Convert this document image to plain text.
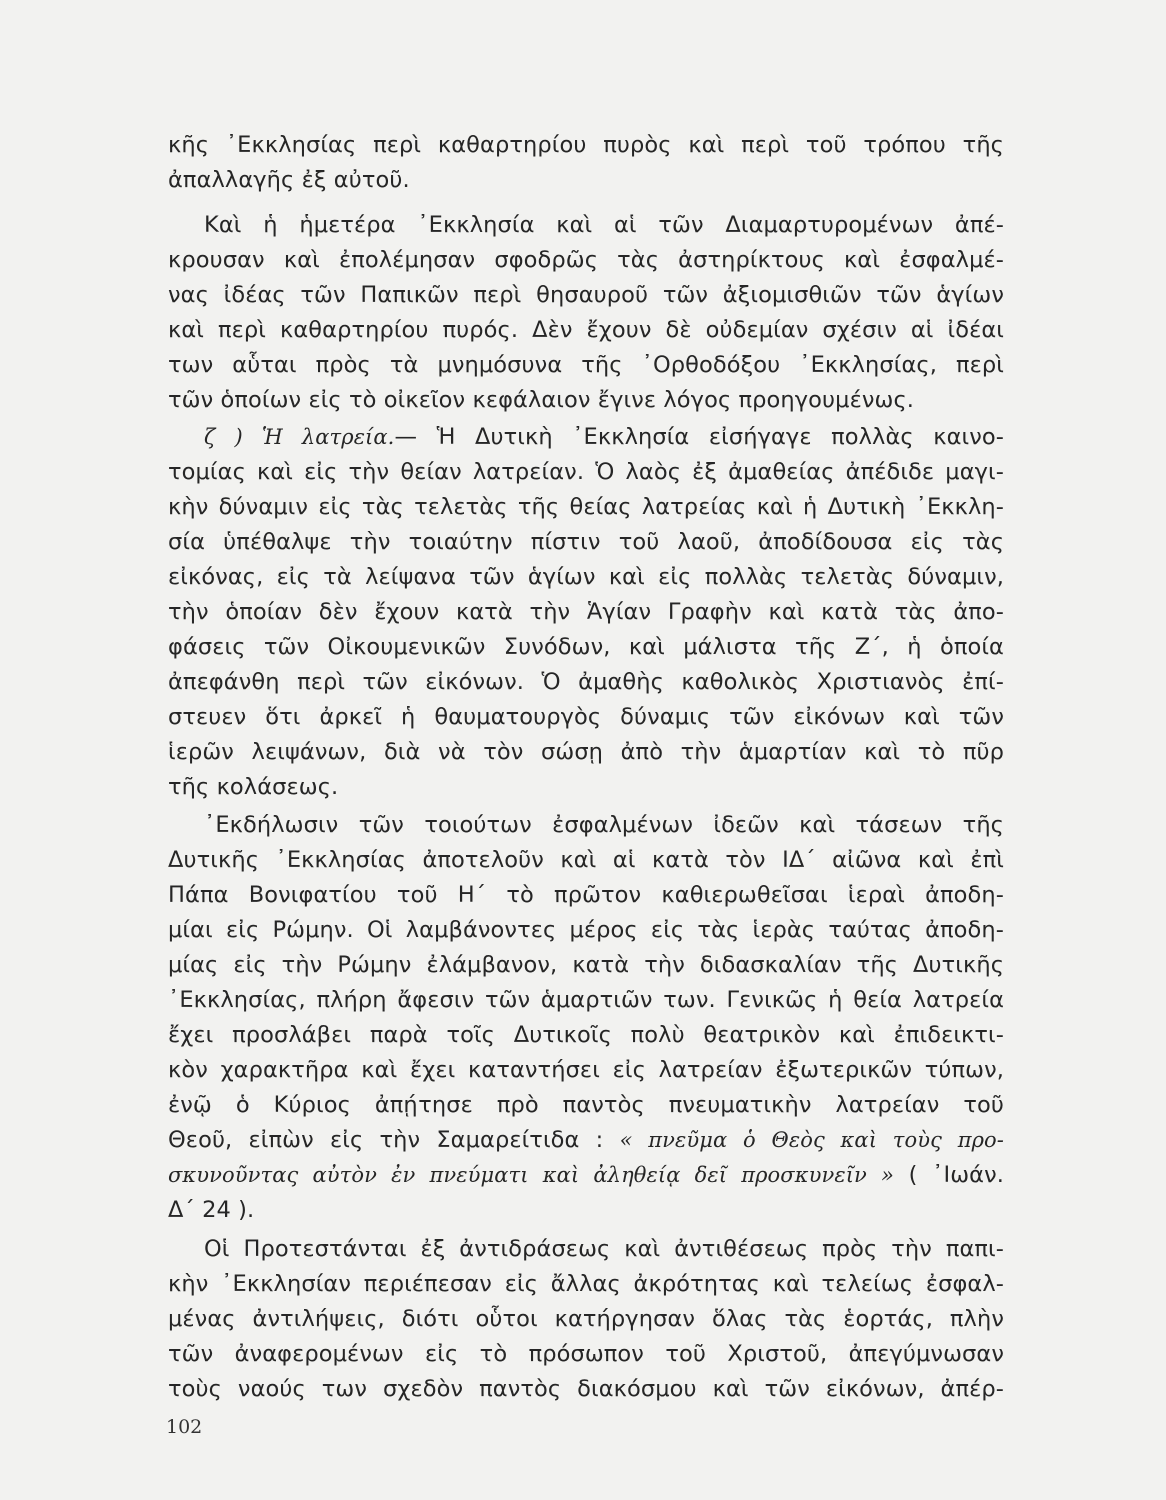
κῆς ᾿Εκκλησίας περὶ καθαρτηρίου πυρὸς καὶ περὶ τοῦ τρόπου τῆς
ἀπαλλαγῆς ἐξ αὐτοῦ.
Καὶ ἡ ἡμετέρα ᾿Εκκλησία καὶ αἱ τῶν Διαμαρτυρομένων ἀπέ-
κρουσαν καὶ ἐπολέμησαν σφοδρῶς τὰς ἀστηρίκτους καὶ ἐσφαλμέ-
νας ἰδέας τῶν Παπικῶν περὶ θησαυροῦ τῶν ἀξιομισθιῶν τῶν ἁγίων
καὶ περὶ καθαρτηρίου πυρός. Δὲν ἔχουν δὲ οὐδεμίαν σχέσιν αἱ ἰδέαι
των αὗται πρὸς τὰ μνημόσυνα τῆς ᾿Ορθοδόξου ᾿Εκκλησίας, περὶ
τῶν ὁποίων εἰς τὸ οἰκεῖον κεφάλαιον ἔγινε λόγος προηγουμένως.
ζ ) Ἡ λατρεία.— Ἡ Δυτικὴ ᾿Εκκλησία εἰσήγαγε πολλὰς καινο-
τομίας καὶ εἰς τὴν θείαν λατρείαν. Ὁ λαὸς ἐξ ἀμαθείας ἀπέδιδε μαγι-
κὴν δύναμιν εἰς τὰς τελετὰς τῆς θείας λατρείας καὶ ἡ Δυτικὴ ᾿Εκκλη-
σία ὑπέθαλψε τὴν τοιαύτην πίστιν τοῦ λαοῦ, ἀποδίδουσα εἰς τὰς
εἰκόνας, εἰς τὰ λείψανα τῶν ἁγίων καὶ εἰς πολλὰς τελετὰς δύναμιν,
τὴν ὁποίαν δὲν ἔχουν κατὰ τὴν Ἁγίαν Γραφὴν καὶ κατὰ τὰς ἀπο-
φάσεις τῶν Οἰκουμενικῶν Συνόδων, καὶ μάλιστα τῆς Ζ΄, ἡ ὁποία
ἀπεφάνθη περὶ τῶν εἰκόνων. Ὁ ἀμαθὴς καθολικὸς Χριστιανὸς ἐπί-
στευεν ὅτι ἀρκεῖ ἡ θαυματουργὸς δύναμις τῶν εἰκόνων καὶ τῶν
ἱερῶν λειψάνων, διὰ νὰ τὸν σώσῃ ἀπὸ τὴν ἁμαρτίαν καὶ τὸ πῦρ
τῆς κολάσεως.
᾿Εκδήλωσιν τῶν τοιούτων ἐσφαλμένων ἰδεῶν καὶ τάσεων τῆς
Δυτικῆς ᾿Εκκλησίας ἀποτελοῦν καὶ αἱ κατὰ τὸν ΙΔ΄ αἰῶνα καὶ ἐπὶ
Πάπα Βονιφατίου τοῦ Η΄ τὸ πρῶτον καθιερωθεῖσαι ἱεραὶ ἀποδη-
μίαι εἰς Ρώμην. Οἱ λαμβάνοντες μέρος εἰς τὰς ἱερὰς ταύτας ἀποδη-
μίας εἰς τὴν Ρώμην ἐλάμβανον, κατὰ τὴν διδασκαλίαν τῆς Δυτικῆς
᾿Εκκλησίας, πλήρη ἄφεσιν τῶν ἁμαρτιῶν των. Γενικῶς ἡ θεία λατρεία
ἔχει προσλάβει παρὰ τοῖς Δυτικοῖς πολὺ θεατρικὸν καὶ ἐπιδεικτι-
κὸν χαρακτῆρα καὶ ἔχει καταντήσει εἰς λατρείαν ἐξωτερικῶν τύπων,
ἐνῷ ὁ Κύριος ἀπῄτησε πρὸ παντὸς πνευματικὴν λατρείαν τοῦ
Θεοῦ, εἰπὼν εἰς τὴν Σαμαρείτιδα : « πνεῦμα ὁ Θεὸς καὶ τοὺς προ-
σκυνοῦντας αὐτὸν ἐν πνεύματι καὶ ἀληθείᾳ δεῖ προσκυνεῖν » ( ᾿Ιωάν.
Δ΄ 24 ).
Οἱ Προτεστάνται ἐξ ἀντιδράσεως καὶ ἀντιθέσεως πρὸς τὴν παπι-
κὴν ᾿Εκκλησίαν περιέπεσαν εἰς ἄλλας ἀκρότητας καὶ τελείως ἐσφαλ-
μένας ἀντιλήψεις, διότι οὗτοι κατήργησαν ὅλας τὰς ἑορτάς, πλὴν
τῶν ἀναφερομένων εἰς τὸ πρόσωπον τοῦ Χριστοῦ, ἀπεγύμνωσαν
τοὺς ναούς των σχεδὸν παντὸς διακόσμου καὶ τῶν εἰκόνων, ἀπέρ-
102
